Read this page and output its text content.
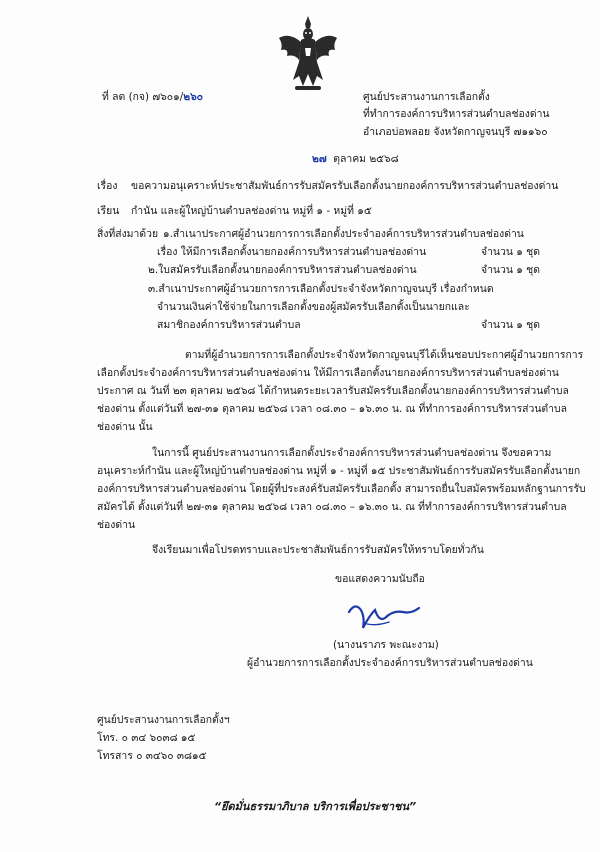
ที่ ลต (กจ) ๗๖๐๑/๒๖๐	ศูนย์ประสานงานการเลือกตั้ง
ที่ทำการองค์การบริหารส่วนตำบลช่องด่าน
อำเภอบ่อพลอย จังหวัดกาญจนบุรี ๗๑๑๖๐
๒๗ ตุลาคม ๒๕๖๘
เรื่อง ขอความอนุเคราะห์ประชาสัมพันธ์การรับสมัครรับเลือกตั้งนายกองค์การบริหารส่วนตำบลช่องด่าน
เรียน กำนัน และผู้ใหญ่บ้านตำบลช่องด่าน หมู่ที่ ๑ - หมู่ที่ ๑๕
สิ่งที่ส่งมาด้วย ๑.สำเนาประกาศผู้อำนวยการการเลือกตั้งประจำองค์การบริหารส่วนตำบลช่องด่าน
เรื่อง ให้มีการเลือกตั้งนายกองค์การบริหารส่วนตำบลช่องด่าน	จำนวน ๑ ชุด
๒.ใบสมัครรับเลือกตั้งนายกองค์การบริหารส่วนตำบลช่องด่าน	จำนวน ๑ ชุด
๓.สำเนาประกาศผู้อำนวยการการเลือกตั้งประจำจังหวัดกาญจนบุรี เรื่องกำหนด
จำนวนเงินค่าใช้จ่ายในการเลือกตั้งของผู้สมัครรับเลือกตั้งเป็นนายกและ
สมาชิกองค์การบริหารส่วนตำบล	จำนวน ๑ ชุด
ตามที่ผู้อำนวยการการเลือกตั้งประจำจังหวัดกาญจนบุรีได้เห็นชอบประกาศผู้อำนวยการการ
เลือกตั้งประจำองค์การบริหารส่วนตำบลช่องด่าน ให้มีการเลือกตั้งนายกองค์การบริหารส่วนตำบลช่องด่าน
ประกาศ ณ วันที่ ๒๓ ตุลาคม ๒๕๖๘ ได้กำหนดระยะเวลารับสมัครรับเลือกตั้งนายกองค์การบริหารส่วนตำบล
ช่องด่าน ตั้งแต่วันที่ ๒๗-๓๑ ตุลาคม ๒๕๖๘ เวลา ๐๘.๓๐ – ๑๖.๓๐ น. ณ ที่ทำการองค์การบริหารส่วนตำบล
ช่องด่าน นั้น
ในการนี้ ศูนย์ประสานงานการเลือกตั้งประจำองค์การบริหารส่วนตำบลช่องด่าน จึงขอความ
อนุเคราะห์กำนัน และผู้ใหญ่บ้านตำบลช่องด่าน หมู่ที่ ๑ - หมู่ที่ ๑๕ ประชาสัมพันธ์การรับสมัครรับเลือกตั้งนายก
องค์การบริหารส่วนตำบลช่องด่าน โดยผู้ที่ประสงค์รับสมัครรับเลือกตั้ง สามารถยื่นใบสมัครพร้อมหลักฐานการรับ
สมัครได้ ตั้งแต่วันที่ ๒๗-๓๑ ตุลาคม ๒๕๖๘ เวลา ๐๘.๓๐ – ๑๖.๓๐ น. ณ ที่ทำการองค์การบริหารส่วนตำบล
ช่องด่าน
จึงเรียนมาเพื่อโปรดทราบและประชาสัมพันธ์การรับสมัครให้ทราบโดยทั่วกัน
ขอแสดงความนับถือ
(นางนราภร พะณะงาม)
ผู้อำนวยการการเลือกตั้งประจำองค์การบริหารส่วนตำบลช่องด่าน
ศูนย์ประสานงานการเลือกตั้งฯ
โทร. ๐ ๓๔ ๖๐๓๘ ๑๕
โทรสาร ๐ ๓๔๖๐ ๓๘๑๕
“ยึดมั่นธรรมาภิบาล บริการเพื่อประชาชน”
